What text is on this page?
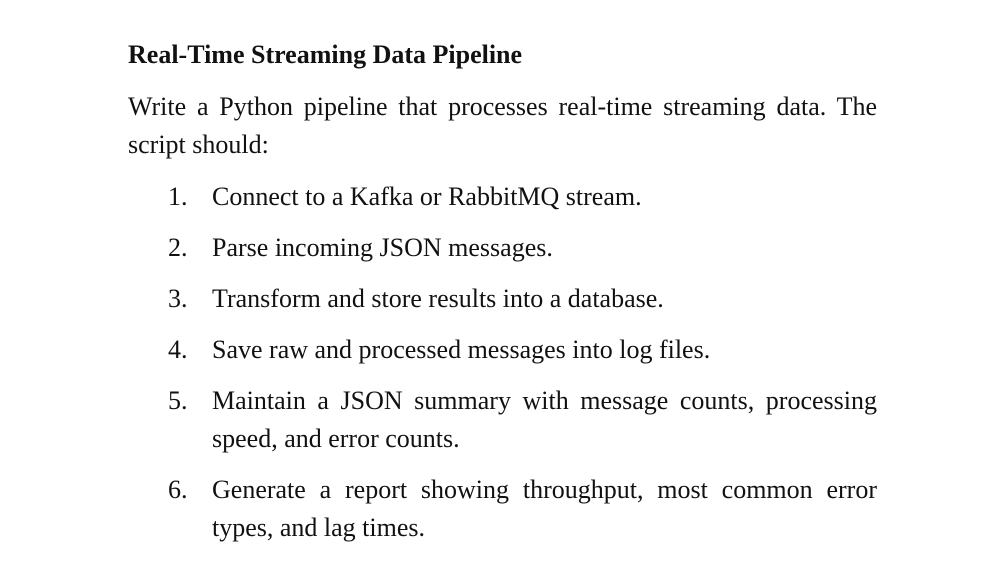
Real-Time Streaming Data Pipeline

Write a Python pipeline that processes real-time streaming data. The script should:

1. Connect to a Kafka or RabbitMQ stream.
2. Parse incoming JSON messages.
3. Transform and store results into a database.
4. Save raw and processed messages into log files.
5. Maintain a JSON summary with message counts, processing speed, and error counts.
6. Generate a report showing throughput, most common error types, and lag times.
